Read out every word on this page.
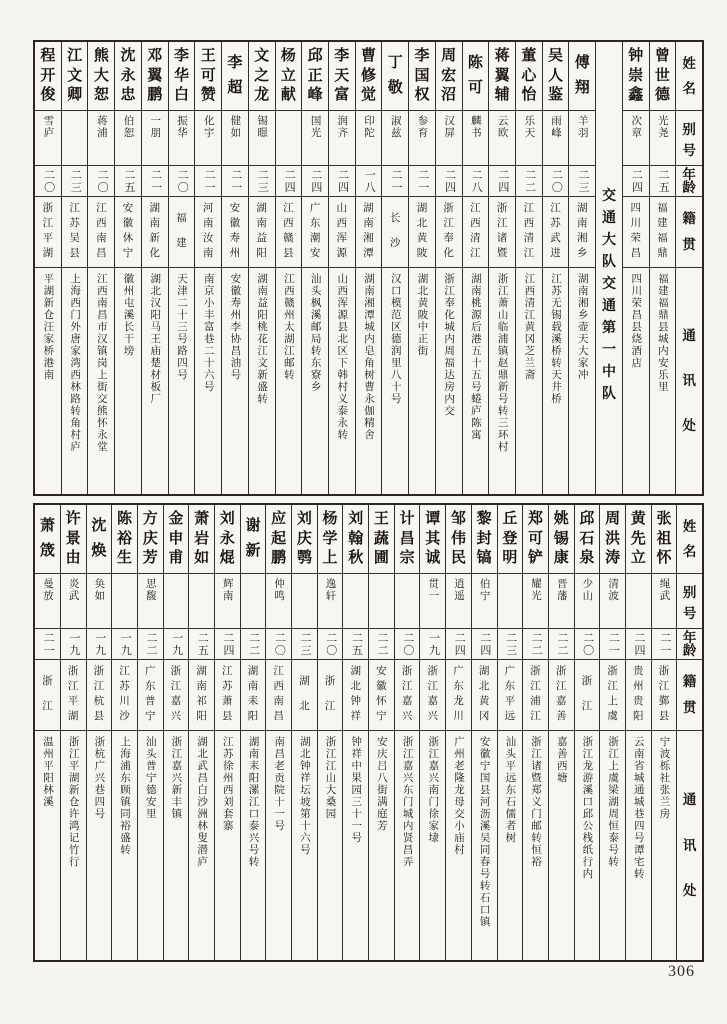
姓
名
别
号
年
龄
籍
贯
通
讯
处
曾
世
德
光尧
二五
福
建
福
鼎
福建福鼎县城内安乐里
钟
崇
鑫
次章
二四
四
川
荣
昌
四川荣昌县烧酒店
交
通
大
队
交
通
第
一
中
队
傅
翔
羊羽
二三
湖
南
湘
乡
湖南湘乡壶天大家冲
吴
人
鉴
雨峰
二〇
江
苏
武
进
江苏无锡载溪桥转天井桥
董
心
怡
乐天
二二
江
西
清
江
江西清江黄冈芝兰斋
蒋
翼
辅
云欧
二四
浙
江
诸
暨
浙江萧山临浦镇赵鼎新号转三环村
陈
可
麟书
二八
江
西
清
江
湖南桃源后港五十五号蜷庐陈寓
周
宏
沼
汉屏
二四
浙
江
奉
化
浙江奉化城内周福达房内交
李
国
权
参育
二一
湖
北
黄
陂
湖北黄陂中正街
丁
敬
淑兹
二一
长
沙
汉口模范区德润里八十号
曹
修
觉
印陀
一八
湖
南
湘
潭
湖南湘潭城内皂角树曹永伽精舍
李
天
富
润齐
二四
山
西
浑
源
山西浑源县北区下韩村义泰永转
邱
正
峰
国光
二四
广
东
潮
安
汕头枫溪邮局转东寮乡
杨
立
献
二四
江
西
赣
县
江西赣州太湖江邮转
文
之
龙
锡暻
二三
湖
南
益
阳
湖南益阳桃花江文新盛转
李
超
健如
二一
安
徽
寿
州
安徽寿州李协昌油号
王
可
赞
化宇
二一
河
南
汝
南
南京小丰富巷二十六号
李
华
白
振华
二〇
福
建
天津二十三号路四号
邓
翼
鹏
一朋
二一
湖
南
新
化
湖北汉阳马王庙楚材板厂
沈
永
忠
伯恕
二五
安
徽
休
宁
徽州屯溪长干塝
熊
大
恕
蒋浦
二〇
江
西
南
昌
江西南昌市汉镇岗上街交熊怀永堂
江
文
卿
二三
江
苏
吴
县
上海西门外唐家湾西林路转角村庐
程
开
俊
雪庐
二〇
浙
江
平
湖
平湖新仓汪家桥港南
姓
名
别
号
年
龄
籍
贯
通
讯
处
张
祖
怀
绳武
二一
浙
江
鄞
县
宁波栎社张兰房
黄
先
立
二四
贵
州
贵
阳
云南省城通城巷四号谭宅转
周
洪
涛
清波
二一
浙
江
上
虞
浙江上虞梁湖周恒泰号转
邱
石
泉
少山
二〇
浙
江
浙江龙游溪口邱公栈纸行内
姚
锡
康
晋藩
二二
浙
江
嘉
善
嘉善西塘
郑
可
铲
耀光
二二
浙
江
浦
江
浙江诸暨郑义门邮转恒裕
丘
登
明
二三
广
东
平
远
汕头平远东石儒者树
黎
封
镐
伯宁
二四
湖
北
黄
冈
安徽宁国县河沥溪吴同春号转石口镇
邹
伟
民
逍遥
二四
广
东
龙
川
广州老隆龙母交小庙村
谭
其
诚
贯一
一九
浙
江
嘉
兴
浙江嘉兴南门徐家埭
计
昌
宗
二〇
浙
江
嘉
兴
浙江嘉兴东门城内贤昌弄
王
蔬
圃
二二
安
徽
怀
宁
安庆吕八街满庭芳
刘
翰
秋
二五
湖
北
钟
祥
钟祥中果园三十一号
杨
学
上
逸轩
二〇
浙
江
浙江江山大桑园
刘
庆
鹗
二三
湖
北
湖北钟祥坛坡第十六号
应
起
鹏
仲鸣
二〇
江
西
南
昌
南昌老贡院十一号
谢
新
二二
湖
南
耒
阳
湖南耒阳漯江口泰兴号转
刘
永
焜
辉南
二四
江
苏
萧
县
江苏徐州西刘套寨
萧
岩
如
二五
湖
南
祁
阳
湖北武昌白沙洲林叟潜庐
金
申
甫
一九
浙
江
嘉
兴
浙江嘉兴新丰镇
方
庆
芳
思馥
二二
广
东
普
宁
汕头普宁德安里
陈
裕
生
一九
江
苏
川
沙
上海浦东顾镇同裕盛转
沈
焕
奂如
一九
浙
江
杭
县
浙杭广兴巷四号
许
景
由
炎武
一九
浙
江
平
湖
浙江平湖新仓许鸿记竹行
萧
筬
曼放
二一
浙
江
温州平阳林溪
306
